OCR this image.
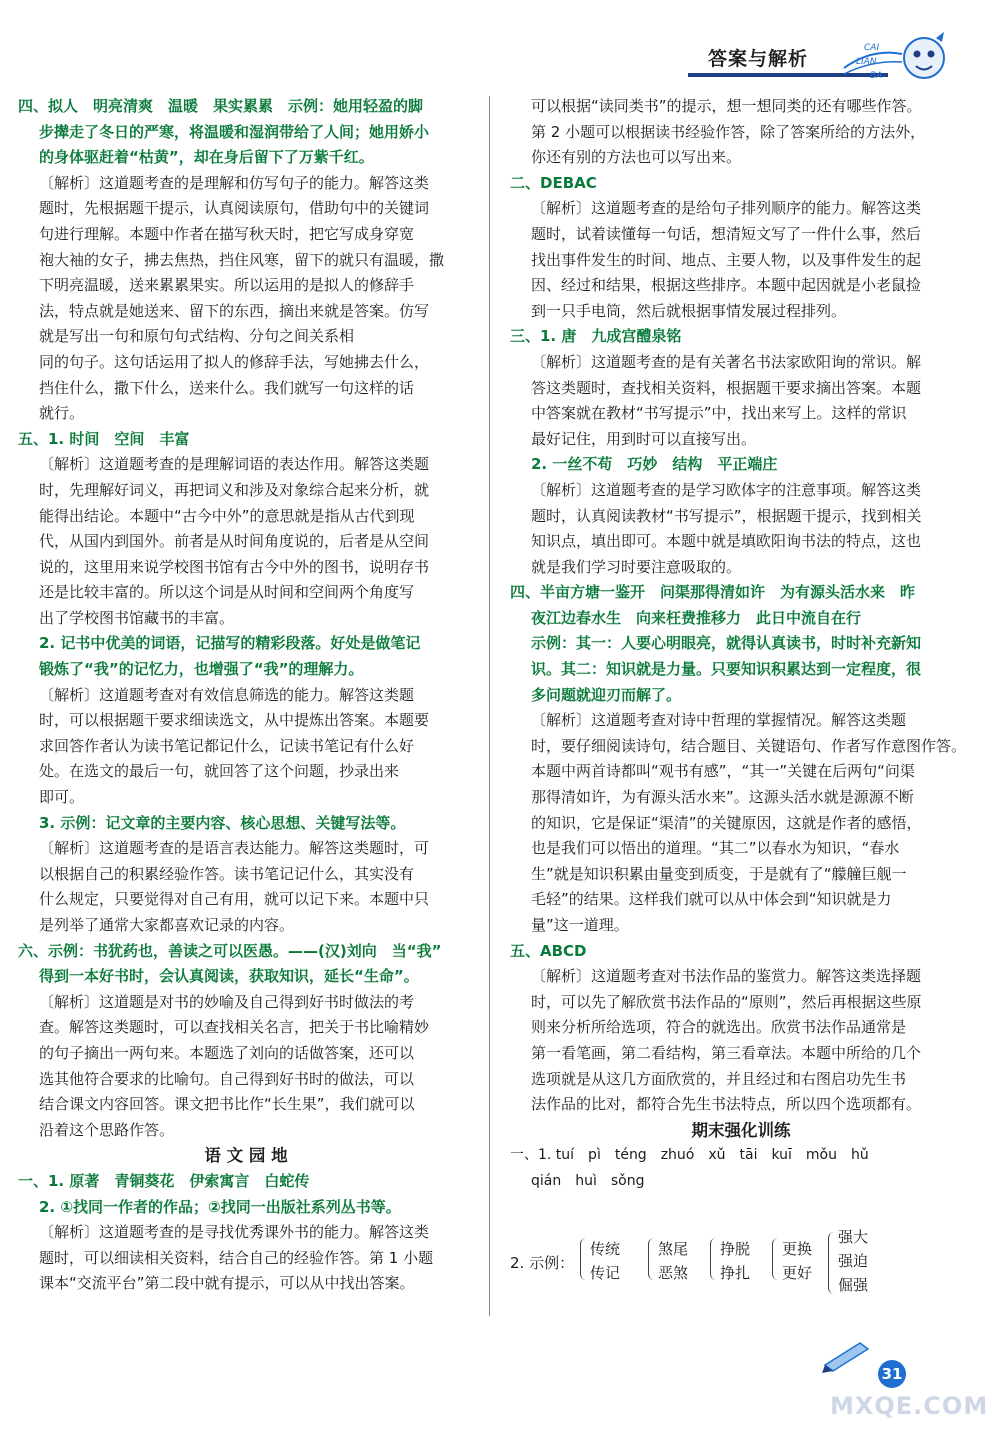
答案与解析	CAI
LIAN
BA
四、拟人　明亮清爽　温暖　果实累累　示例：她用轻盈的脚
步撵走了冬日的严寒，将温暖和湿润带给了人间；她用娇小
的身体驱赶着“枯黄”，却在身后留下了万紫千红。
〔解析〕这道题考查的是理解和仿写句子的能力。解答这类
题时，先根据题干提示，认真阅读原句，借助句中的关键词
句进行理解。本题中作者在描写秋天时，把它写成身穿宽
袍大袖的女子，拂去焦热，挡住风寒，留下的就只有温暖，撒
下明亮温暖，送来累累果实。所以运用的是拟人的修辞手
法，特点就是她送来、留下的东西，摘出来就是答案。仿写
就是写出一句和原句句式结构、分句之间关系相
同的句子。这句话运用了拟人的修辞手法，写她拂去什么，
挡住什么，撒下什么，送来什么。我们就写一句这样的话
就行。
五、1. 时间　空间　丰富
〔解析〕这道题考查的是理解词语的表达作用。解答这类题
时，先理解好词义，再把词义和涉及对象综合起来分析，就
能得出结论。本题中“古今中外”的意思就是指从古代到现
代，从国内到国外。前者是从时间角度说的，后者是从空间
说的，这里用来说学校图书馆有古今中外的图书，说明存书
还是比较丰富的。所以这个词是从时间和空间两个角度写
出了学校图书馆藏书的丰富。
2. 记书中优美的词语，记描写的精彩段落。好处是做笔记
锻炼了“我”的记忆力，也增强了“我”的理解力。
〔解析〕这道题考查对有效信息筛选的能力。解答这类题
时，可以根据题干要求细读选文，从中提炼出答案。本题要
求回答作者认为读书笔记都记什么，记读书笔记有什么好
处。在选文的最后一句，就回答了这个问题，抄录出来
即可。
3. 示例：记文章的主要内容、核心思想、关键写法等。
〔解析〕这道题考查的是语言表达能力。解答这类题时，可
以根据自己的积累经验作答。读书笔记记什么，其实没有
什么规定，只要觉得对自己有用，就可以记下来。本题中只
是列举了通常大家都喜欢记录的内容。
六、示例：书犹药也，善读之可以医愚。——(汉)刘向　当“我”
得到一本好书时，会认真阅读，获取知识，延长“生命”。
〔解析〕这道题是对书的妙喻及自己得到好书时做法的考
查。解答这类题时，可以查找相关名言，把关于书比喻精妙
的句子摘出一两句来。本题选了刘向的话做答案，还可以
选其他符合要求的比喻句。自己得到好书时的做法，可以
结合课文内容回答。课文把书比作“长生果”，我们就可以
沿着这个思路作答。
语 文 园 地
一、1. 原著　青铜葵花　伊索寓言　白蛇传
2. ①找同一作者的作品；②找同一出版社系列丛书等。
〔解析〕这道题考查的是寻找优秀课外书的能力。解答这类
题时，可以细读相关资料，结合自己的经验作答。第 1 小题
课本“交流平台”第二段中就有提示，可以从中找出答案。
可以根据“读同类书”的提示，想一想同类的还有哪些作答。
第 2 小题可以根据读书经验作答，除了答案所给的方法外，
你还有别的方法也可以写出来。
二、DEBAC
〔解析〕这道题考查的是给句子排列顺序的能力。解答这类
题时，试着读懂每一句话，想清短文写了一件什么事，然后
找出事件发生的时间、地点、主要人物，以及事件发生的起
因、经过和结果，根据这些排序。本题中起因就是小老鼠捡
到一只手电筒，然后就根据事情发展过程排列。
三、1. 唐　九成宫醴泉铭
〔解析〕这道题考查的是有关著名书法家欧阳询的常识。解
答这类题时，查找相关资料，根据题干要求摘出答案。本题
中答案就在教材“书写提示”中，找出来写上。这样的常识
最好记住，用到时可以直接写出。
2. 一丝不苟　巧妙　结构　平正端庄
〔解析〕这道题考查的是学习欧体字的注意事项。解答这类
题时，认真阅读教材“书写提示”，根据题干提示，找到相关
知识点，填出即可。本题中就是填欧阳询书法的特点，这也
就是我们学习时要注意吸取的。
四、半亩方塘一鉴开　问渠那得清如许　为有源头活水来　昨
夜江边春水生　向来枉费推移力　此日中流自在行
示例：其一：人要心明眼亮，就得认真读书，时时补充新知
识。其二：知识就是力量。只要知识积累达到一定程度，很
多问题就迎刃而解了。
〔解析〕这道题考查对诗中哲理的掌握情况。解答这类题
时，要仔细阅读诗句，结合题目、关键语句、作者写作意图作答。
本题中两首诗都叫“观书有感”，“其一”关键在后两句“问渠
那得清如许，为有源头活水来”。这源头活水就是源源不断
的知识，它是保证“渠清”的关键原因，这就是作者的感悟，
也是我们可以悟出的道理。“其二”以春水为知识，“春水
生”就是知识积累由量变到质变，于是就有了“艨艟巨舰一
毛轻”的结果。这样我们就可以从中体会到“知识就是力
量”这一道理。
五、ABCD
〔解析〕这道题考查对书法作品的鉴赏力。解答这类选择题
时，可以先了解欣赏书法作品的“原则”，然后再根据这些原
则来分析所给选项，符合的就选出。欣赏书法作品通常是
第一看笔画，第二看结构，第三看章法。本题中所给的几个
选项就是从这几方面欣赏的，并且经过和右图启功先生书
法作品的比对，都符合先生书法特点，所以四个选项都有。
期末强化训练
一、1. tuí　pì　téng　zhuó　xǔ　tāi　kuī　mǒu　hǔ
qián　huì　sǒng
2. 示例：
传统
传记
煞尾
恶煞
挣脱
挣扎
更换
更好
强大
强迫
倔强
31
MXQE.COM
